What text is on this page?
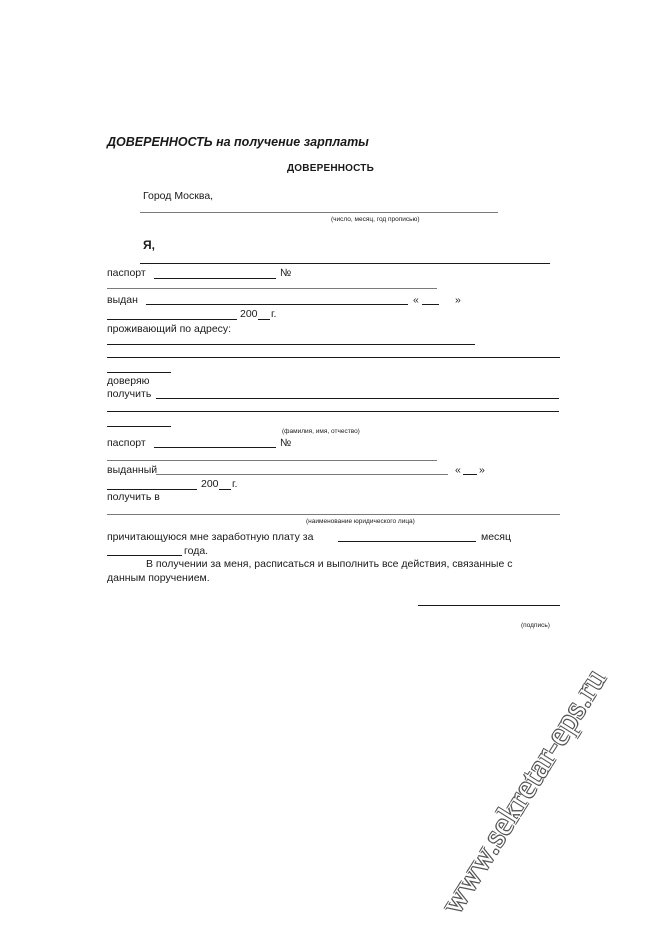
ДОВЕРЕННОСТЬ на получение зарплаты
ДОВЕРЕННОСТЬ
Город Москва,
(число, месяц, год прописью)
Я,
паспорт	№
выдан	«	»
200 г.
проживающий по адресу:
доверяю
получить
(фамилия, имя, отчество)
паспорт	№
выданный	« »
200 г.
получить в
(наименование юридического лица)
причитающуюся мне заработную плату за	месяц
года.
В получении за меня, расписаться и выполнить все действия, связанные с
данным поручением.
(подпись)
www.sekretar-eps.ru
